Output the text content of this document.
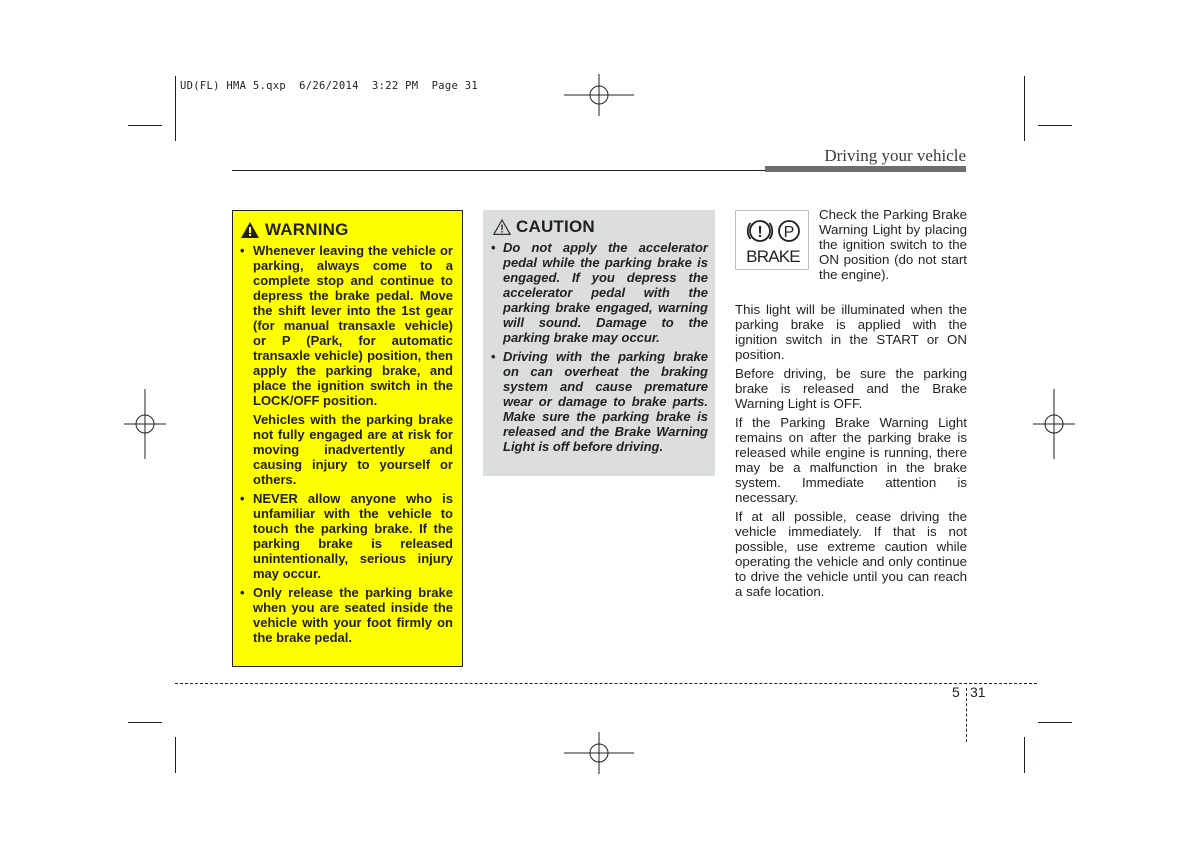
UD(FL) HMA 5.qxp  6/26/2014  3:22 PM  Page 31
Driving your vehicle
WARNING
• Whenever leaving the vehicle or parking, always come to a complete stop and continue to depress the brake pedal. Move the shift lever into the 1st gear (for manual transaxle vehicle) or P (Park, for automatic transaxle vehicle) position, then apply the parking brake, and place the ignition switch in the LOCK/OFF position.
Vehicles with the parking brake not fully engaged are at risk for moving inadvertently and causing injury to yourself or others.
• NEVER allow anyone who is unfamiliar with the vehicle to touch the parking brake. If the parking brake is released unintentionally, serious injury may occur.
• Only release the parking brake when you are seated inside the vehicle with your foot firmly on the brake pedal.
CAUTION
• Do not apply the accelerator pedal while the parking brake is engaged. If you depress the accelerator pedal with the parking brake engaged, warning will sound. Damage to the parking brake may occur.
• Driving with the parking brake on can overheat the braking system and cause premature wear or damage to brake parts. Make sure the parking brake is released and the Brake Warning Light is off before driving.
! P
BRAKE
Check the Parking Brake Warning Light by placing the ignition switch to the ON position (do not start the engine).

This light will be illuminated when the parking brake is applied with the ignition switch in the START or ON position.

Before driving, be sure the parking brake is released and the Brake Warning Light is OFF.

If the Parking Brake Warning Light remains on after the parking brake is released while engine is running, there may be a malfunction in the brake system. Immediate attention is necessary.

If at all possible, cease driving the vehicle immediately. If that is not possible, use extreme caution while operating the vehicle and only continue to drive the vehicle until you can reach a safe location.

5 31
